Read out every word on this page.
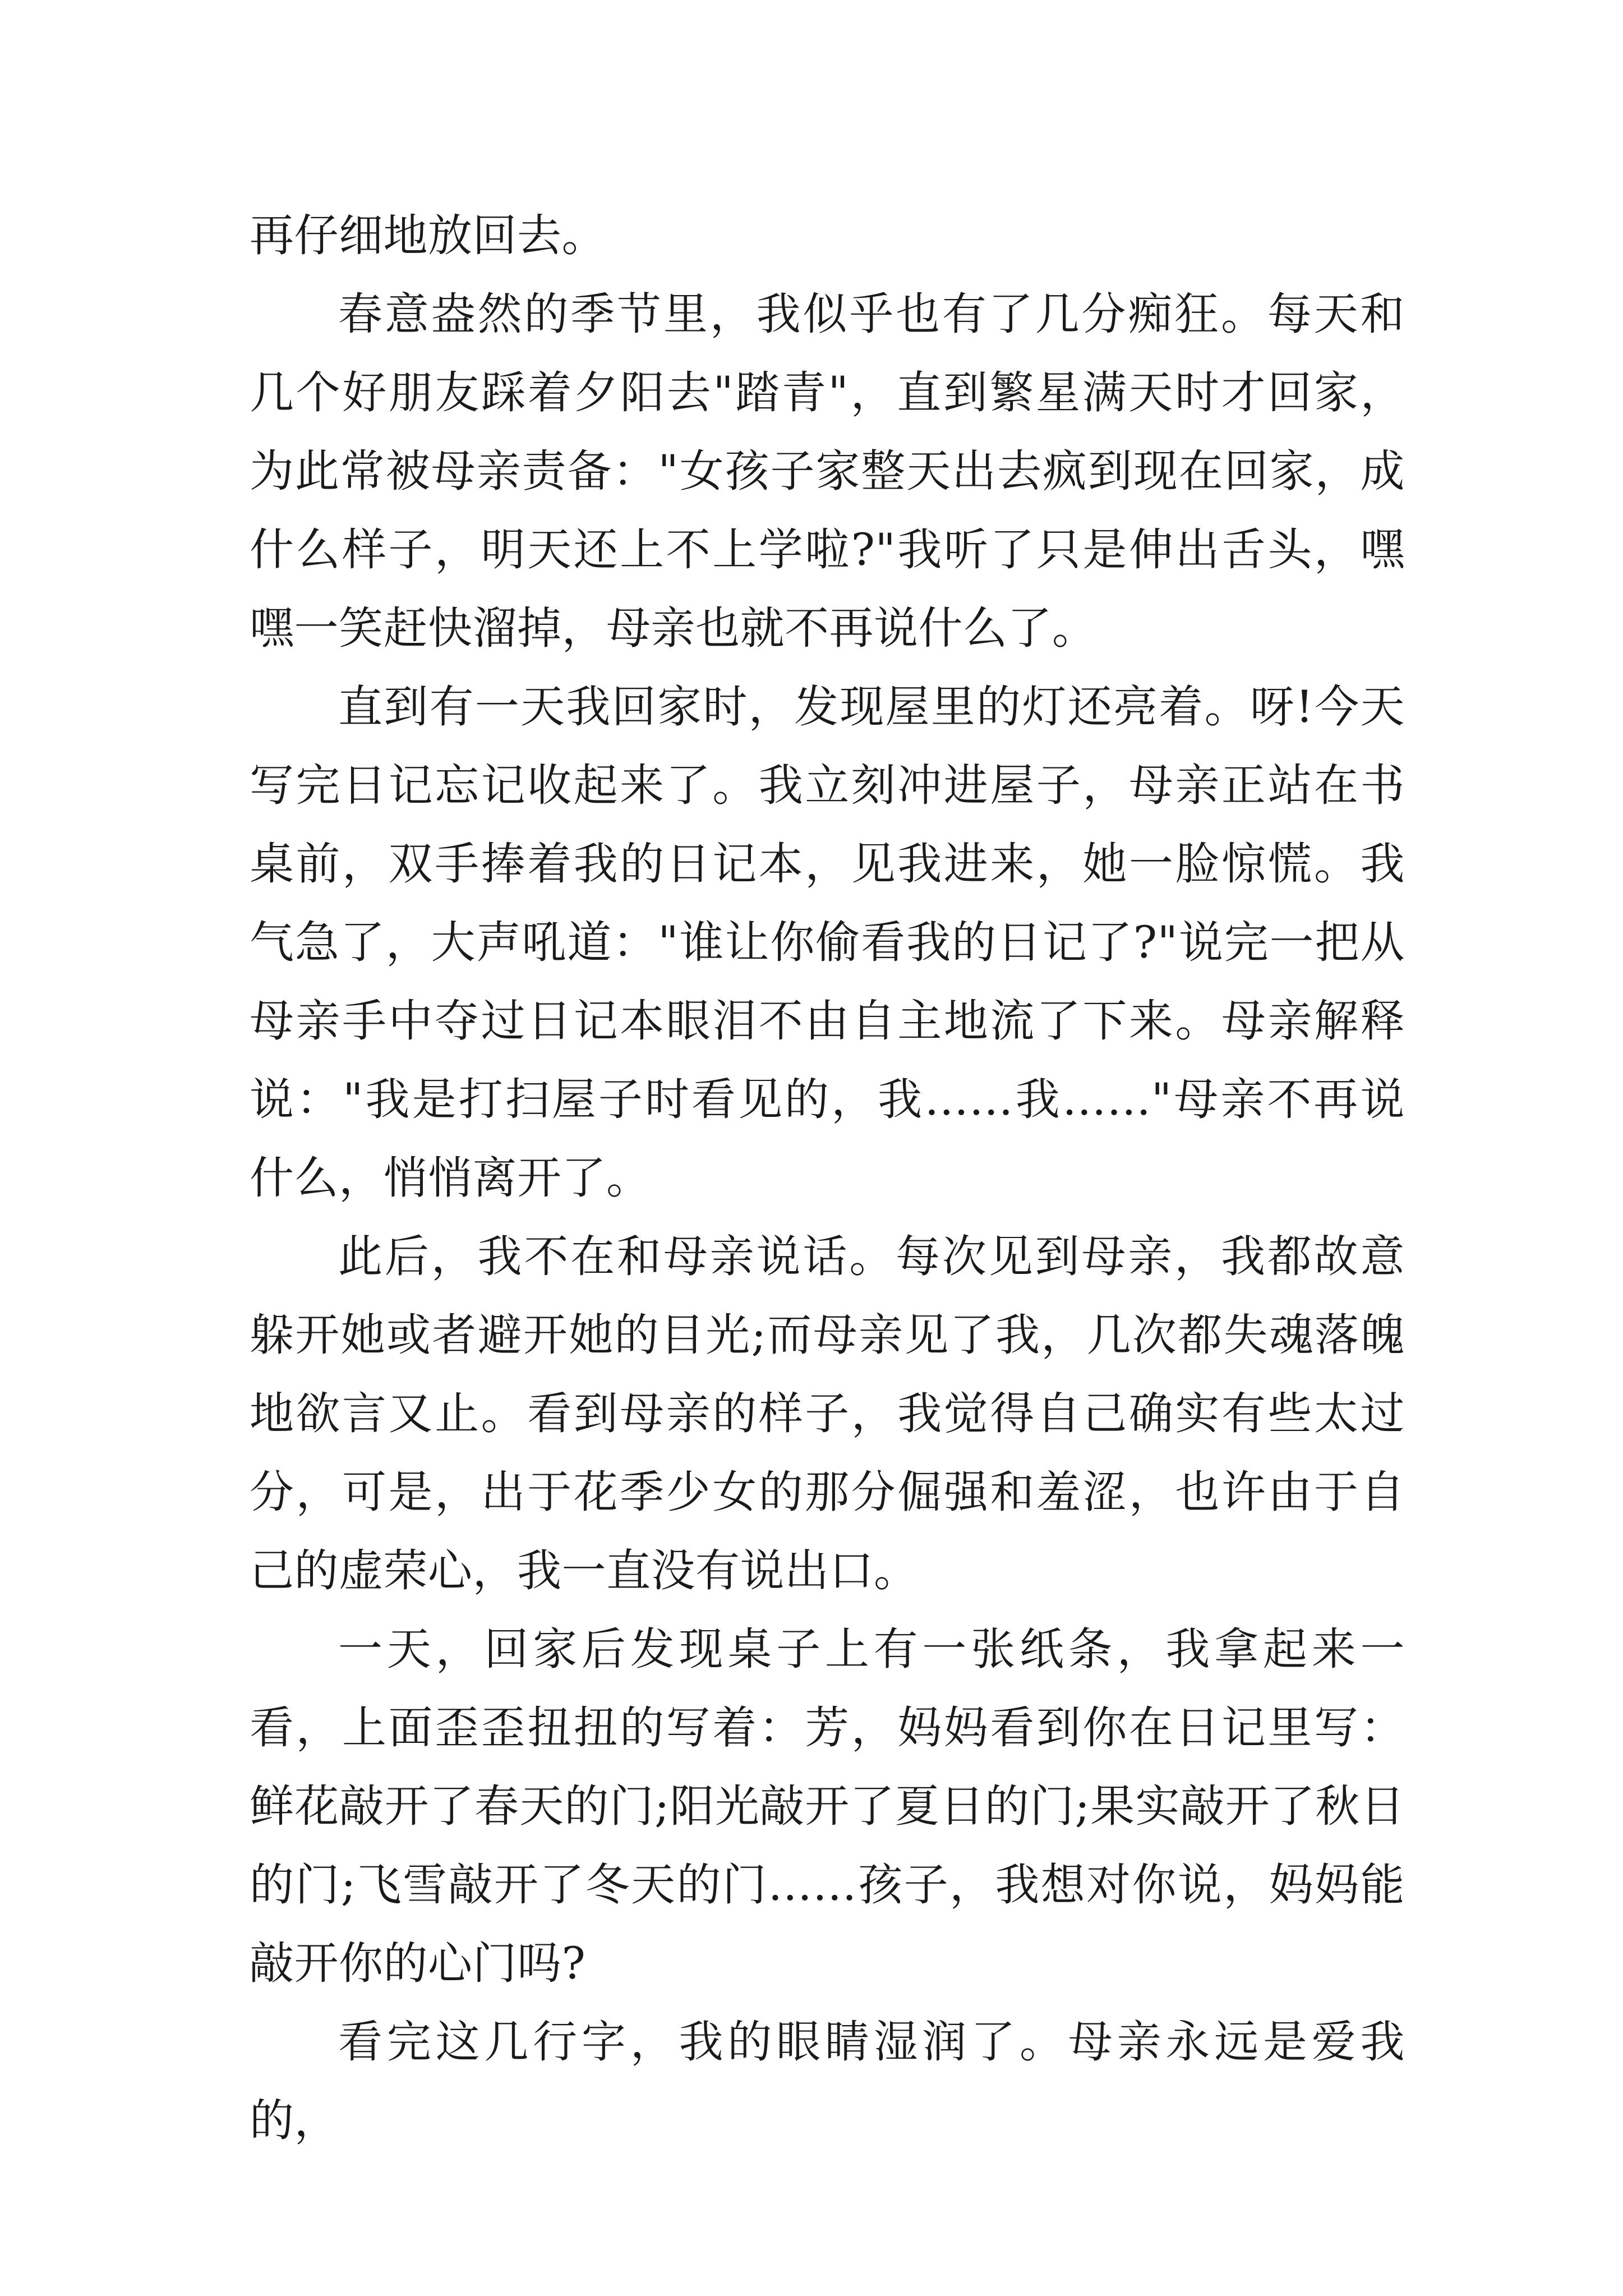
再仔细地放回去。

春意盎然的季节里，我似乎也有了几分痴狂。每天和几个好朋友踩着夕阳去"踏青"，直到繁星满天时才回家，为此常被母亲责备："女孩子家整天出去疯到现在回家，成什么样子，明天还上不上学啦?"我听了只是伸出舌头，嘿嘿一笑赶快溜掉，母亲也就不再说什么了。

直到有一天我回家时，发现屋里的灯还亮着。呀!今天写完日记忘记收起来了。我立刻冲进屋子，母亲正站在书桌前，双手捧着我的日记本，见我进来，她一脸惊慌。我气急了，大声吼道："谁让你偷看我的日记了?"说完一把从母亲手中夺过日记本眼泪不由自主地流了下来。母亲解释说："我是打扫屋子时看见的，我……我……"母亲不再说什么，悄悄离开了。

此后，我不在和母亲说话。每次见到母亲，我都故意躲开她或者避开她的目光;而母亲见了我，几次都失魂落魄地欲言又止。看到母亲的样子，我觉得自己确实有些太过分，可是，出于花季少女的那分倔强和羞涩，也许由于自己的虚荣心，我一直没有说出口。

一天，回家后发现桌子上有一张纸条，我拿起来一看，上面歪歪扭扭的写着：芳，妈妈看到你在日记里写：鲜花敲开了春天的门;阳光敲开了夏日的门;果实敲开了秋日的门;飞雪敲开了冬天的门……孩子，我想对你说，妈妈能敲开你的心门吗?

看完这几行字，我的眼睛湿润了。母亲永远是爱我的，
